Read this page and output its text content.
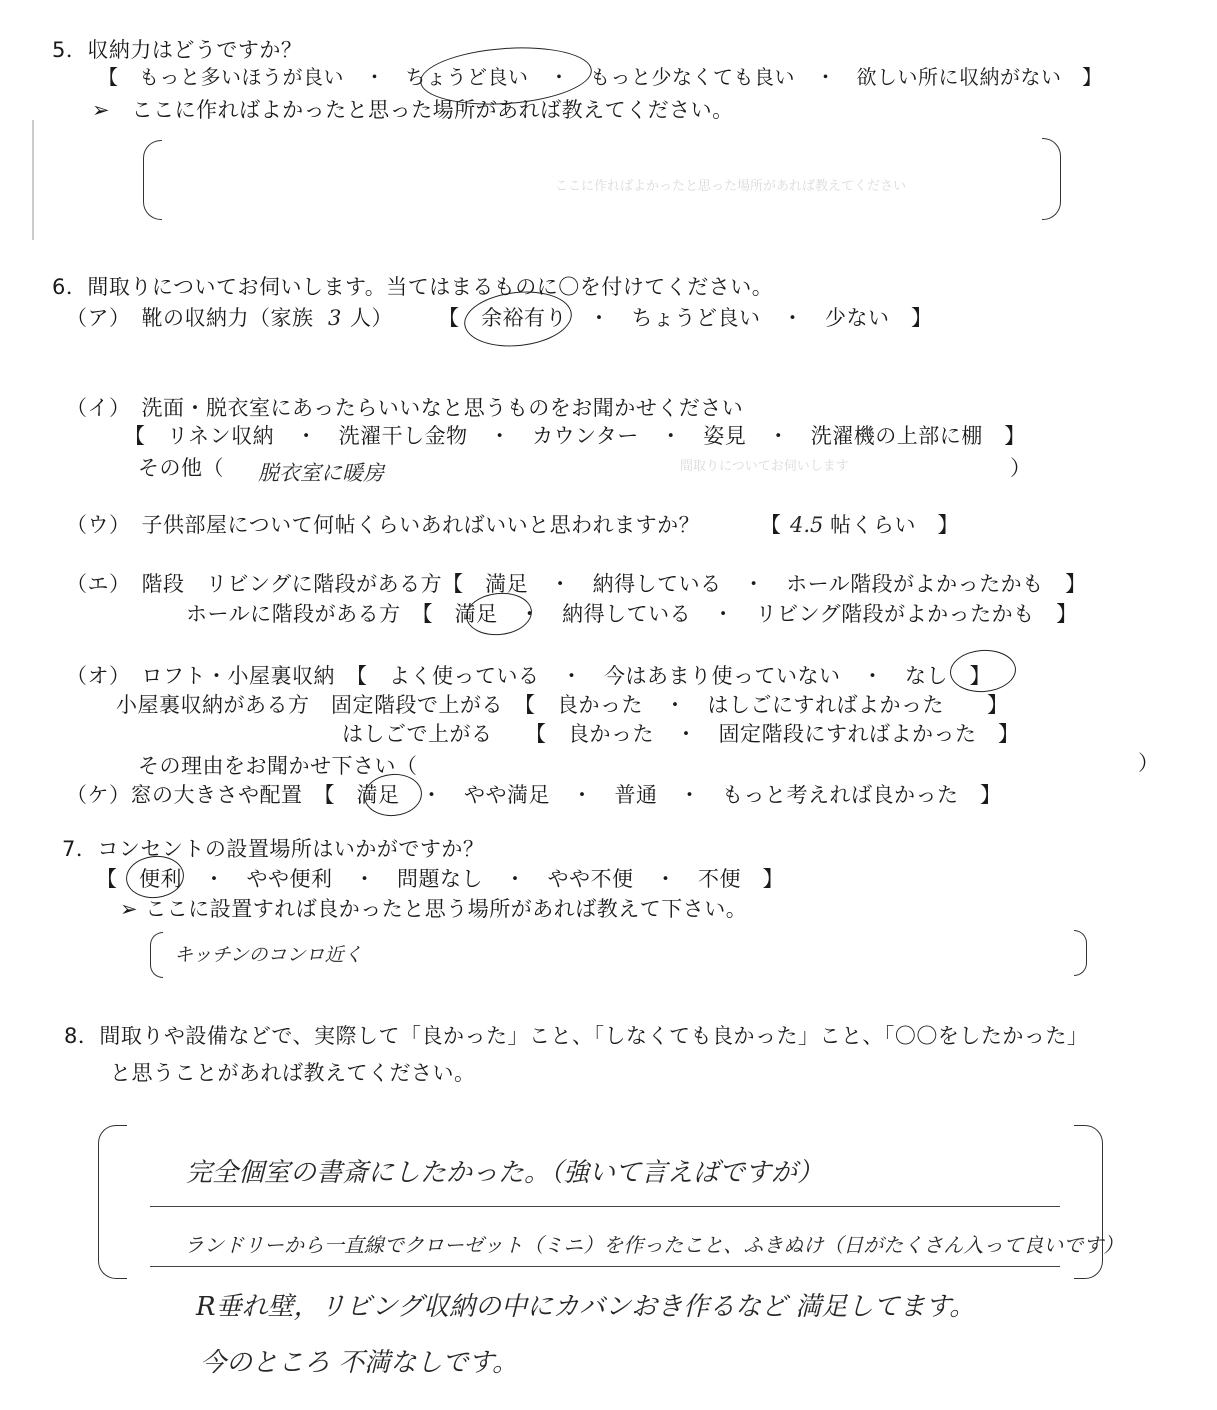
ここに作ればよかったと思った場所があれば教えてください
間取りについてお伺いします
5．収納力はどうですか？
【　もっと多いほうが良い　・　ちょうど良い　・　もっと少なくても良い　・　欲しい所に収納がない　】
➢　ここに作ればよかったと思った場所があれば教えてください。
6．間取りについてお伺いします。当てはまるものに〇を付けてください。
（ア）　靴の収納力（家族 3 人） 【　余裕有り　・　ちょうど良い　・　少ない　】
（イ）　洗面・脱衣室にあったらいいなと思うものをお聞かせください
【　リネン収納　・　洗濯干し金物　・　カウンター　・　姿見　・　洗濯機の上部に棚　】
その他（ 脱衣室に暖房	）
（ウ）　子供部屋について何帖くらいあればいいと思われますか？	【 4.5 帖くらい　】
（エ）　階段　リビングに階段がある方【　満足　・　納得している　・　ホール階段がよかったかも　】
ホールに階段がある方　【　満足　・　納得している　・　リビング階段がよかったかも　】
（オ）　ロフト・小屋裏収納　【　よく使っている　・　今はあまり使っていない　・　なし　】
小屋裏収納がある方　固定階段で上がる　【　良かった　・　はしごにすればよかった　　】
はしごで上がる　　【　良かった　・　固定階段にすればよかった　】
その理由をお聞かせ下さい（	）
（ケ）窓の大きさや配置　【　満足　・　やや満足　・　普通　・　もっと考えれば良かった　】
7．コンセントの設置場所はいかがですか？
【　便利　・　やや便利　・　問題なし　・　やや不便　・　不便　】
➢ ここに設置すれば良かったと思う場所があれば教えて下さい。
キッチンのコンロ近く
8．間取りや設備などで、実際して「良かった」こと、「しなくても良かった」こと、「〇〇をしたかった」
と思うことがあれば教えてください。
完全個室の書斎にしたかった。（強いて言えばですが）
ランドリーから一直線でクローゼット（ミニ）を作ったこと、ふきぬけ（日がたくさん入って良いです）
R垂れ壁，リビング収納の中にカバンおき作るなど 満足してます。
今のところ 不満なしです。
